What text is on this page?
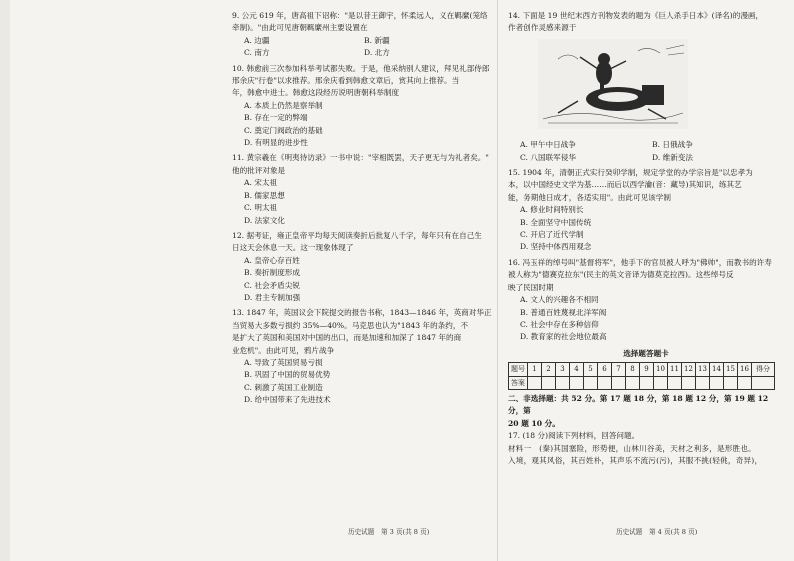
9. 公元 619 年，唐高祖下诏称："是以昔王御宇，怀柔远人，义在羁縻(笼络

牵制)。"由此可见唐朝羁縻州主要设置在

A. 边疆	B. 新疆
C. 南方	D. 北方

10. 韩愈前三次参加科举考试都失败。于是，他采纳别人建议，拜见礼部侍郎

邢余庆"行卷"以求推荐。邢余庆看到韩愈文章后，赏其向上推荐。当

年，韩愈中进士。韩愈这段经历说明唐朝科举制度

A. 本质上仍然是察举制
B. 存在一定的弊端
C. 奠定门阀政治的基础
D. 有明显的进步性

11. 黄宗羲在《明夷待访录》一书中说："宰相既罢，天子更无与为礼者矣。"

他的批评对象是

A. 宋太祖
B. 儒家思想
C. 明太祖
D. 法家文化

12. 据考证，雍正皇帝平均每天阅读奏折后批复八千字，每年只有在自己生

日这天会休息一天。这一现象体现了

A. 皇帝心存百姓
B. 奏折制度形成
C. 社会矛盾尖锐
D. 君主专制加强

13. 1847 年，英国议会下院提交的报告书称，1843—1846 年，英商对华正

当贸易大多数亏损约 35%—40%。马克思也认为"1843 年的条约，不

是扩大了英国和美国对中国的出口，而是加速和加深了 1847 年的商

业危机"。由此可见，鸦片战争

A. 导致了英国贸易亏损
B. 巩固了中国的贸易优势
C. 刺激了英国工业制造
D. 给中国带来了先进技术
历史试题　第 3 页(共 8 页)

14. 下面是 19 世纪末西方刊物发表的题为《巨人杀手日本》(译名)的漫画，

作者创作灵感来源于

A. 甲午中日战争	B. 日俄战争
C. 八国联军侵华	D. 维新变法

15. 1904 年，清朝正式实行癸卯学制，规定学堂的办学宗旨是"以忠孝为

本，以中国经史文学为基……而后以西学瀹(音：藏导)其知识，练其艺

能，务期他日成才，各适实用"。由此可见该学制

A. 修业时间特别长
B. 全面坚守中国传统
C. 开启了近代学制
D. 坚持中体西用观念

16. 冯玉祥的绰号叫"基督将军"，他手下的官员被人呼为"佛帅"，而教书的许寿

被人称为"德赛克拉东"(民主的英文音译为德莫克拉西)。这些绰号反

映了民国时期

A. 文人的兴趣各不相同
B. 普通百姓蔑视北洋军阀
C. 社会中存在多种信仰
D. 教育家的社会地位最高
选择题答题卡
题号	1	2	3	4	5	6	7	8	9	10	11	12	13	14	15	16	得分
答案																	

二、非选择题：共 52 分。第 17 题 18 分，第 18 题 12 分，第 19 题 12 分，第

20 题 10 分。

17. (18 分)阅读下列材料，回答问题。

材料一　(秦)其国塞险，形势便，山林川谷美，天材之利多，是形胜也。

入境，观其风俗，其百姓朴，其声乐不流污(污)，其服不挑(轻佻，奇异)，

历史试题　第 4 页(共 8 页)
